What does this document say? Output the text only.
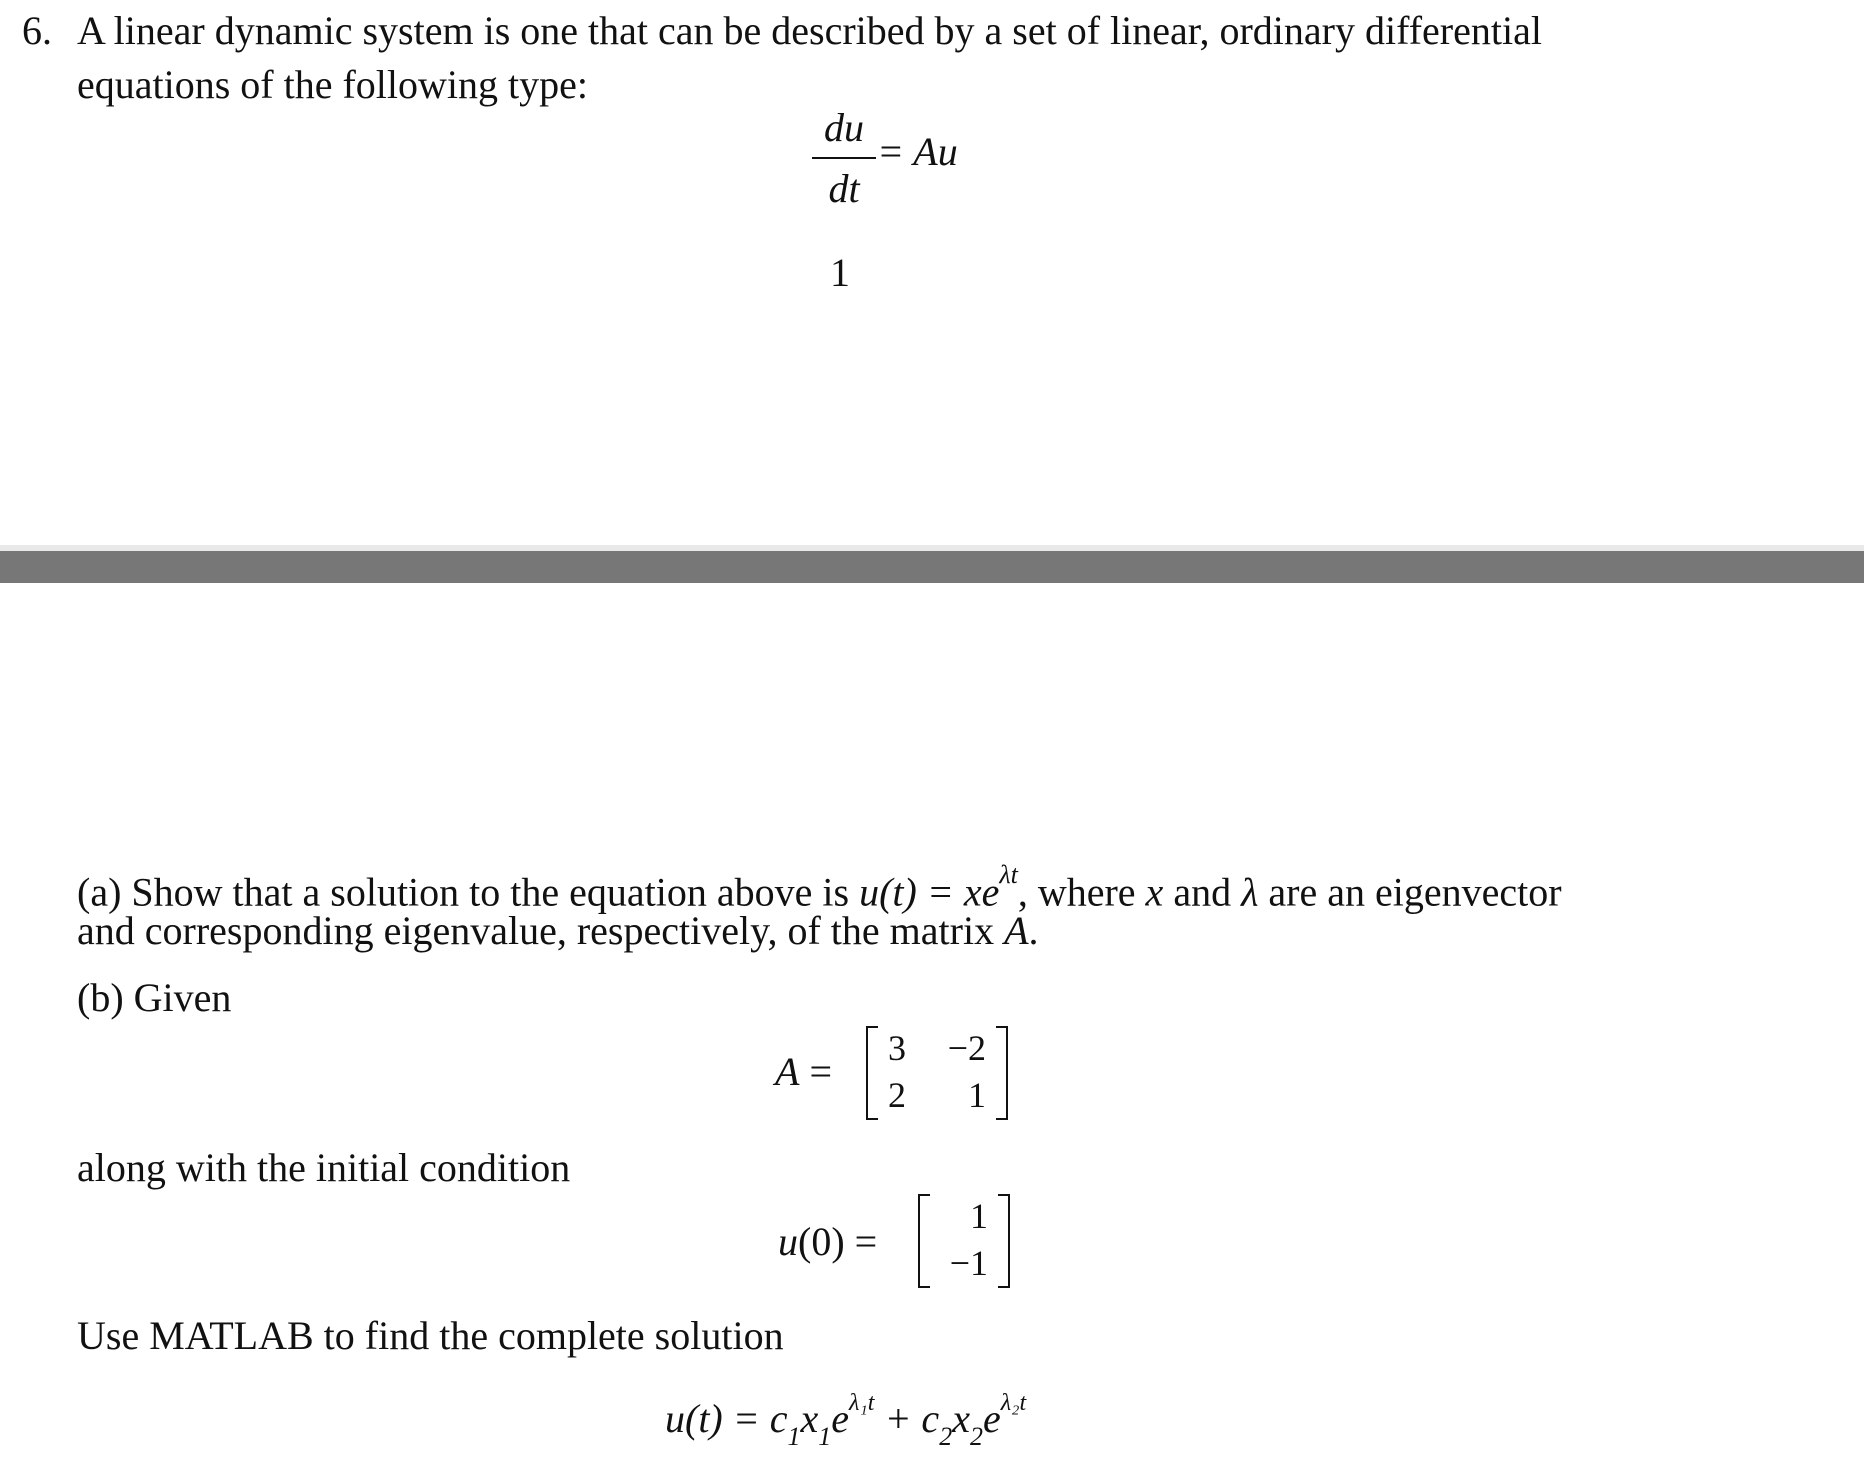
6. A linear dynamic system is one that can be described by a set of linear, ordinary differential
equations of the following type:
du
dt
= Au
1
(a) Show that a solution to the equation above is $u(t) = xe^{\lambda t}$, where x and λ are an eigenvector
and corresponding eigenvalue, respectively, of the matrix A.
(b) Given
A =
3	−2
2	1
along with the initial condition
u(0) =
1
−1
Use MATLAB to find the complete solution
$u(t) = c_1x_1e^{\lambda_1t} + c_2x_2e^{\lambda_2t}$
